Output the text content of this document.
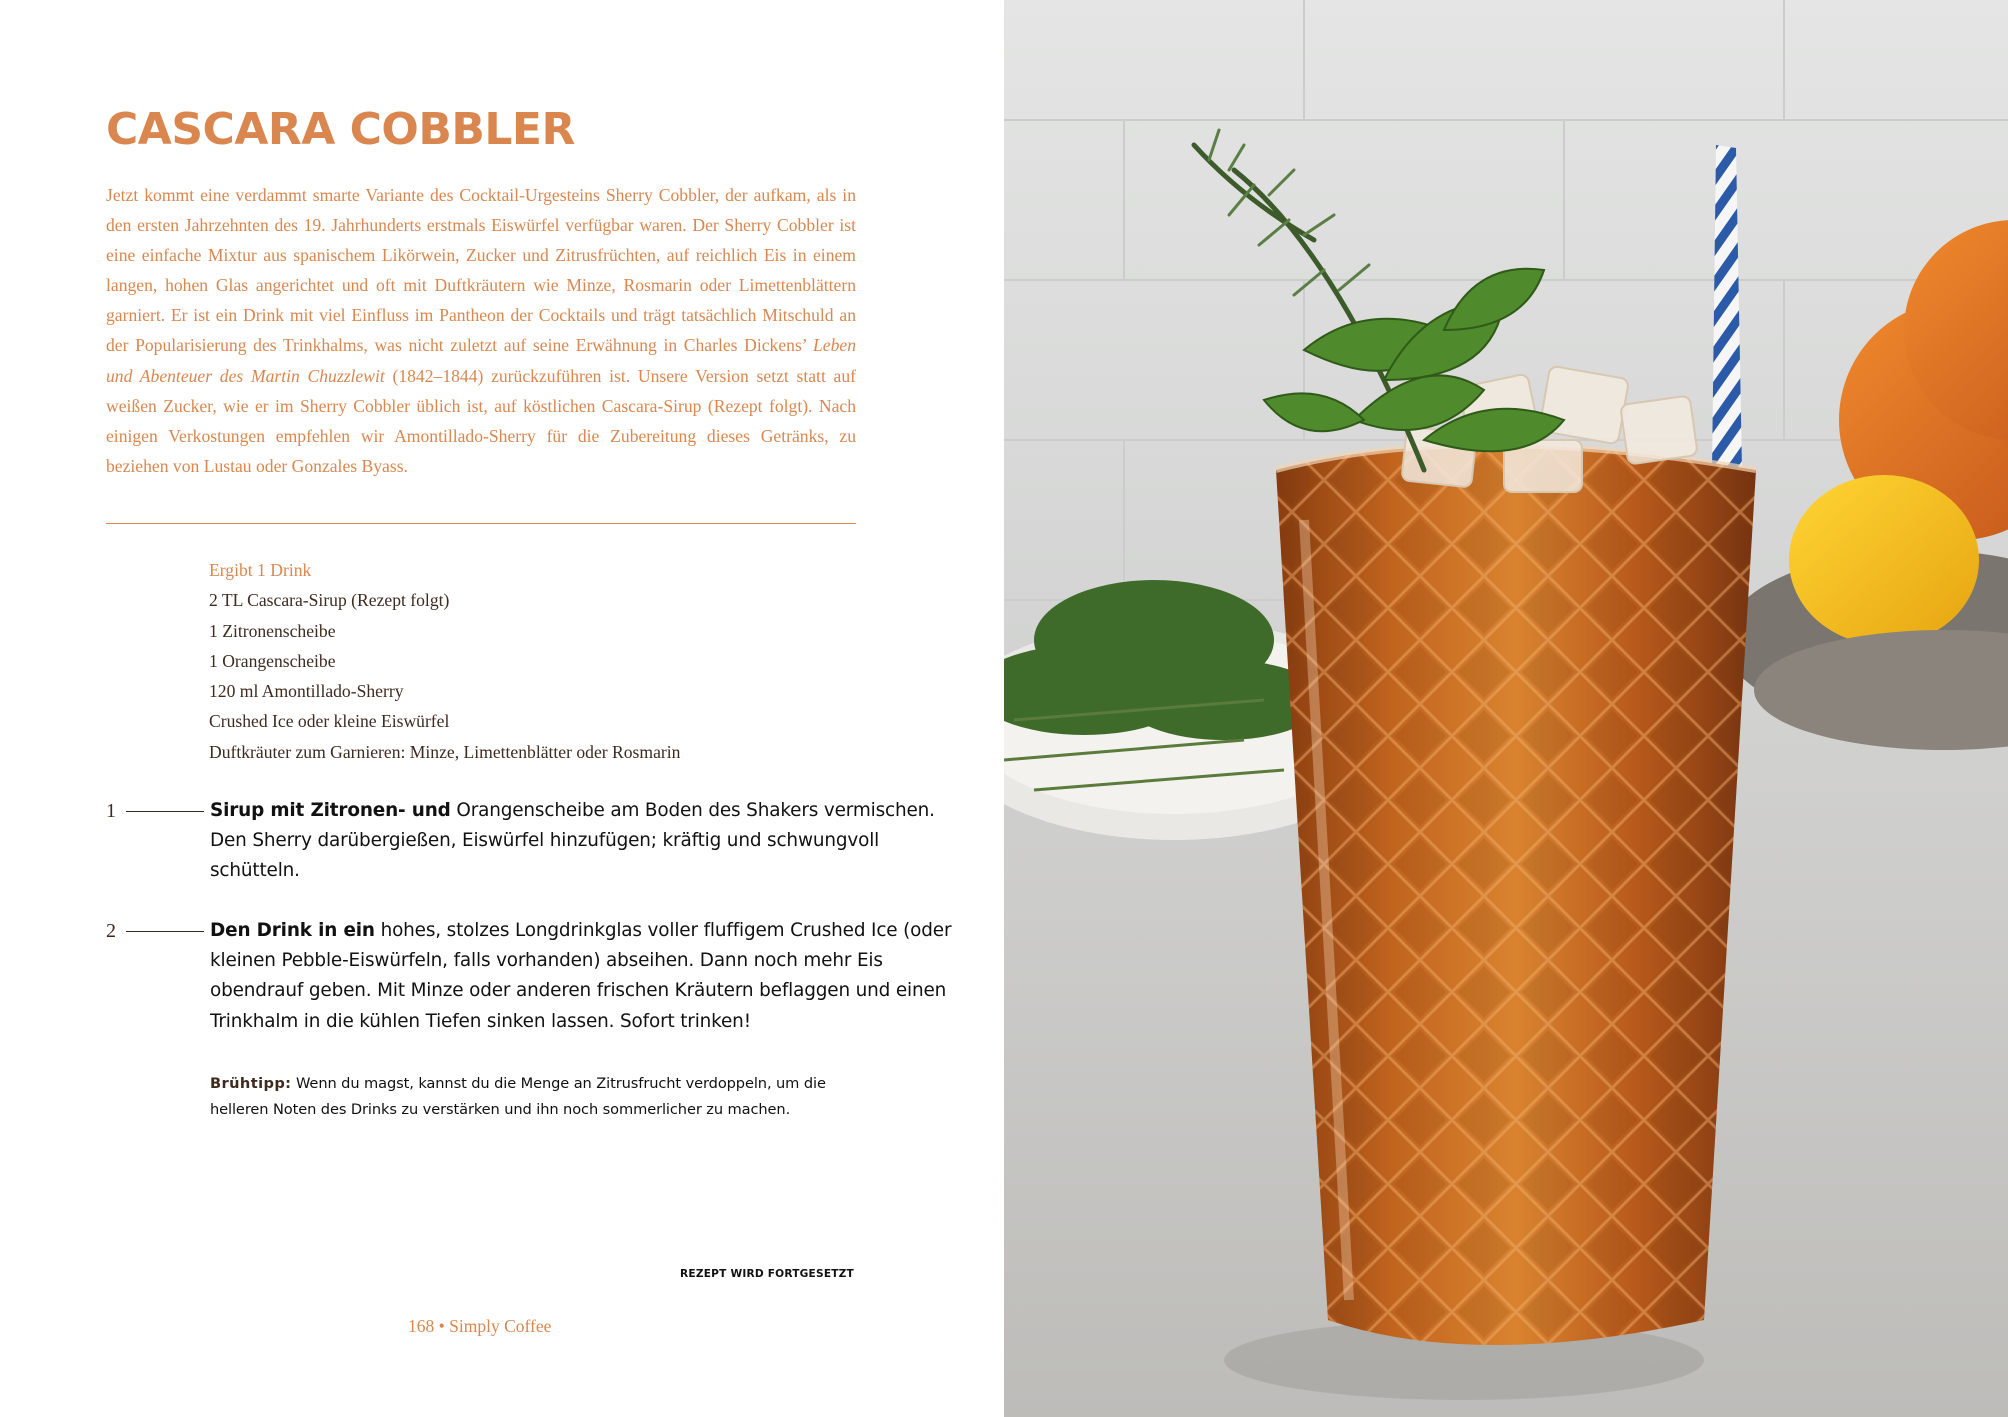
CASCARA COBBLER

Jetzt kommt eine verdammt smarte Variante des Cocktail-Urgesteins Sherry Cobbler, der aufkam, als in den ersten Jahrzehnten des 19. Jahrhunderts erstmals Eiswürfel verfügbar waren. Der Sherry Cobbler ist eine einfache Mixtur aus spanischem Likörwein, Zucker und Zitrusfrüchten, auf reichlich Eis in einem langen, hohen Glas angerichtet und oft mit Duftkräutern wie Minze, Rosmarin oder Limettenblättern garniert. Er ist ein Drink mit viel Einfluss im Pantheon der Cocktails und trägt tatsächlich Mitschuld an der Popularisierung des Trinkhalms, was nicht zuletzt auf seine Erwähnung in Charles Dickens’ Leben und Abenteuer des Martin Chuzzlewit (1842–1844) zurückzuführen ist. Unsere Version setzt statt auf weißen Zucker, wie er im Sherry Cobbler üblich ist, auf köstlichen Cascara-Sirup (Rezept folgt). Nach einigen Verkostungen empfehlen wir Amontillado-Sherry für die Zubereitung dieses Getränks, zu beziehen von Lustau oder Gonzales Byass.

Ergibt 1 Drink
2 TL Cascara-Sirup (Rezept folgt)
1 Zitronenscheibe
1 Orangenscheibe
120 ml Amontillado-Sherry
Crushed Ice oder kleine Eiswürfel
Duftkräuter zum Garnieren: Minze, Limettenblätter oder Rosmarin
1	Sirup mit Zitronen- und Orangenscheibe am Boden des Shakers vermischen. Den Sherry darübergießen, Eiswürfel hinzufügen; kräftig und schwungvoll schütteln.

2	Den Drink in ein hohes, stolzes Longdrinkglas voller fluffigem Crushed Ice (oder kleinen Pebble-Eiswürfeln, falls vorhanden) abseihen. Dann noch mehr Eis obendrauf geben. Mit Minze oder anderen frischen Kräutern beflaggen und einen Trinkhalm in die kühlen Tiefen sinken lassen. Sofort trinken!

Brühtipp: Wenn du magst, kannst du die Menge an Zitrusfrucht verdoppeln, um die helleren Noten des Drinks zu verstärken und ihn noch sommerlicher zu machen.

REZEPT WIRD FORTGESETZT
168 • Simply Coffee
